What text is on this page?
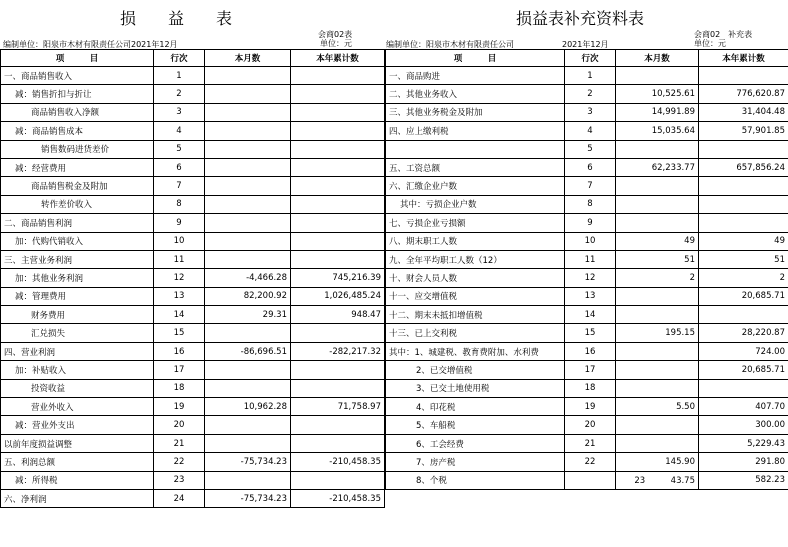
损　　益　　表
会商02表
单位：元
编制单位：阳泉市木材有限责任公司2021年12月
损益表补充资料表
会商02　补充表
单位：元
编制单位：阳泉市木材有限责任公司	2021年12月
项　　　目	行次	本月数	本年累计数
一、商品销售收入	1		
减：销售折扣与折让	2		
商品销售收入净额	3		
减：商品销售成本	4		
销售数码进货差价	5		
减：经营费用	6		
商品销售税金及附加	7		
转作差价收入	8		
二、商品销售利润	9		
加：代购代销收入	10		
三、主营业务利润	11		
加：其他业务利润	12	-4,466.28	745,216.39
减：管理费用	13	82,200.92	1,026,485.24
财务费用	14	29.31	948.47
汇兑损失	15		
四、营业利润	16	-86,696.51	-282,217.32
加：补贴收入	17		
投资收益	18		
营业外收入	19	10,962.28	71,758.97
减：营业外支出	20		
以前年度损益调整	21		
五、利润总额	22	-75,734.23	-210,458.35
减：所得税	23		
六、净利润	24	-75,734.23	-210,458.35
项　　　目	行次	本月数	本年累计数
一、商品购进	1		
二、其他业务收入	2	10,525.61	776,620.87
三、其他业务税金及附加	3	14,991.89	31,404.48
四、应上缴利税	4	15,035.64	57,901.85
	5		
五、工资总额	6	62,233.77	657,856.24
六、汇缴企业户数	7		
其中：亏损企业户数	8		
七、亏损企业亏损额	9		
八、期末职工人数	10	49	49
九、全年平均职工人数（12）	11	51	51
十、财会人员人数	12	2	2
十一、应交增值税	13		20,685.71
十二、期末未抵扣增值税	14		
十三、已上交利税	15	195.15	28,220.87
其中：1、城建税、教育费附加、水利费	16		724.00
2、已交增值税	17		20,685.71
3、已交土地使用税	18		
4、印花税	19	5.50	407.70
5、车船税	20		300.00
6、工会经费	21		5,229.43
7、房产税	22	145.90	291.80
8、个税		23　　　43.75	582.23
